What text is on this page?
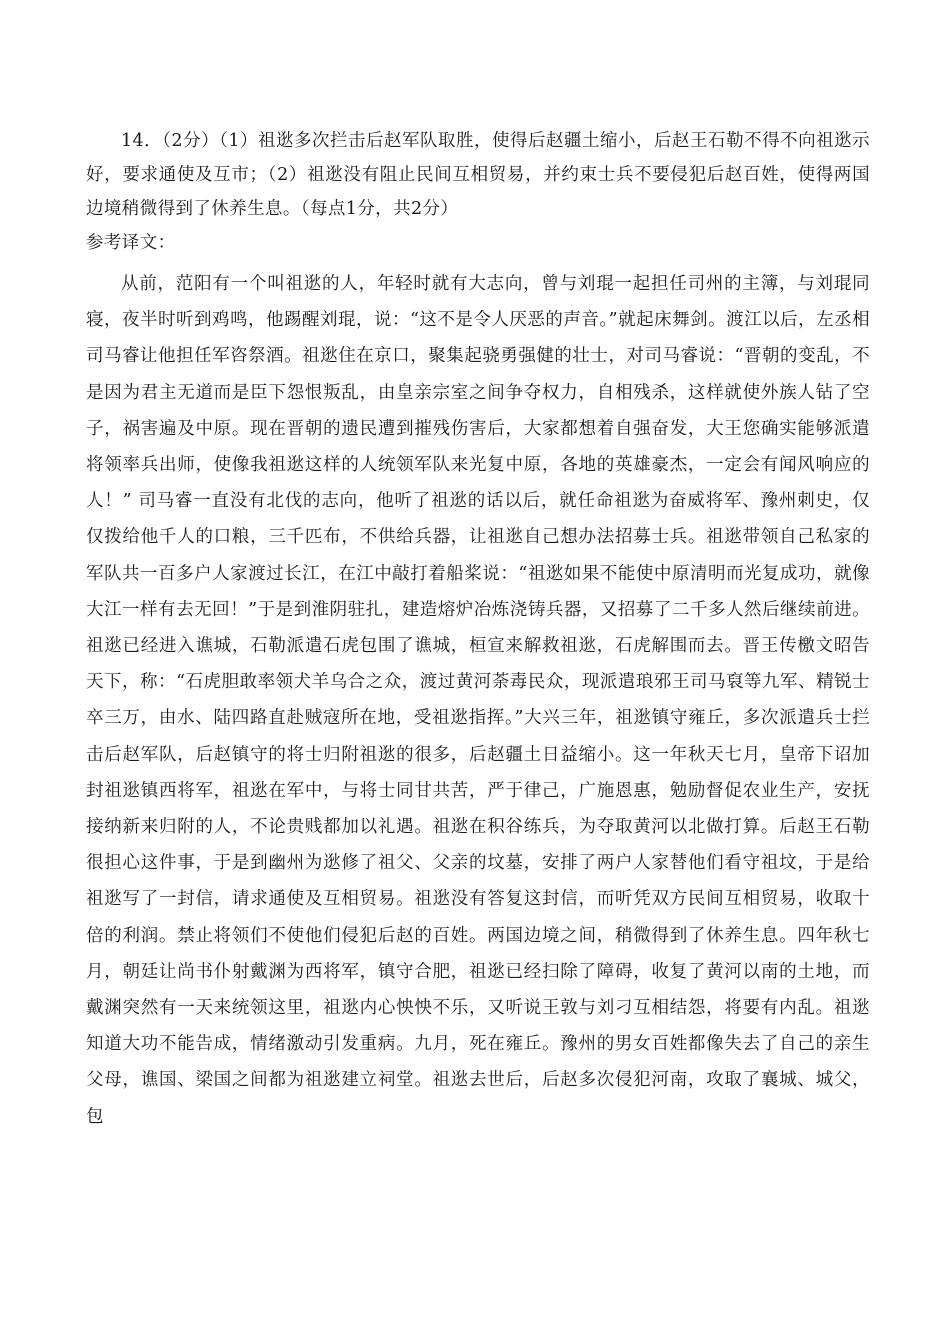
14．（2分）（1）祖逖多次拦击后赵军队取胜，使得后赵疆土缩小，后赵王石勒不得不向祖逖示好，要求通使及互市；（2）祖逖没有阻止民间互相贸易，并约束士兵不要侵犯后赵百姓，使得两国边境稍微得到了休养生息。（每点1分，共2分）

参考译文：

从前，范阳有一个叫祖逖的人，年轻时就有大志向，曾与刘琨一起担任司州的主簿，与刘琨同寝，夜半时听到鸡鸣，他踢醒刘琨，说：“这不是令人厌恶的声音。”就起床舞剑。渡江以后，左丞相司马睿让他担任军咨祭酒。祖逖住在京口，聚集起骁勇强健的壮士，对司马睿说：“晋朝的变乱，不是因为君主无道而是臣下怨恨叛乱，由皇亲宗室之间争夺权力，自相残杀，这样就使外族人钻了空子，祸害遍及中原。现在晋朝的遗民遭到摧残伤害后，大家都想着自强奋发，大王您确实能够派遣将领率兵出师，使像我祖逖这样的人统领军队来光复中原，各地的英雄豪杰，一定会有闻风响应的人！” 司马睿一直没有北伐的志向，他听了祖逖的话以后，就任命祖逖为奋威将军、豫州刺史，仅仅拨给他千人的口粮，三千匹布，不供给兵器，让祖逖自己想办法招募士兵。祖逖带领自己私家的军队共一百多户人家渡过长江，在江中敲打着船桨说：“祖逖如果不能使中原清明而光复成功，就像大江一样有去无回！”于是到淮阴驻扎，建造熔炉冶炼浇铸兵器，又招募了二千多人然后继续前进。祖逖已经进入谯城，石勒派遣石虎包围了谯城，桓宣来解救祖逖，石虎解围而去。晋王传檄文昭告天下，称：“石虎胆敢率领犬羊乌合之众，渡过黄河荼毒民众，现派遣琅邪王司马裒等九军、精锐士卒三万，由水、陆四路直赴贼寇所在地，受祖逖指挥。”大兴三年，祖逖镇守雍丘，多次派遣兵士拦击后赵军队，后赵镇守的将士归附祖逖的很多，后赵疆土日益缩小。这一年秋天七月，皇帝下诏加封祖逖镇西将军，祖逖在军中，与将士同甘共苦，严于律己，广施恩惠，勉励督促农业生产，安抚接纳新来归附的人，不论贵贱都加以礼遇。祖逖在积谷练兵，为夺取黄河以北做打算。后赵王石勒很担心这件事，于是到幽州为逖修了祖父、父亲的坟墓，安排了两户人家替他们看守祖坟，于是给祖逖写了一封信，请求通使及互相贸易。祖逖没有答复这封信，而听凭双方民间互相贸易，收取十倍的利润。禁止将领们不使他们侵犯后赵的百姓。两国边境之间，稍微得到了休养生息。四年秋七月，朝廷让尚书仆射戴渊为西将军，镇守合肥，祖逖已经扫除了障碍，收复了黄河以南的土地，而戴渊突然有一天来统领这里，祖逖内心怏怏不乐，又听说王敦与刘刁互相结怨，将要有内乱。祖逖知道大功不能告成，情绪激动引发重病。九月，死在雍丘。豫州的男女百姓都像失去了自己的亲生父母，谯国、梁国之间都为祖逖建立祠堂。祖逖去世后，后赵多次侵犯河南，攻取了襄城、城父，包
